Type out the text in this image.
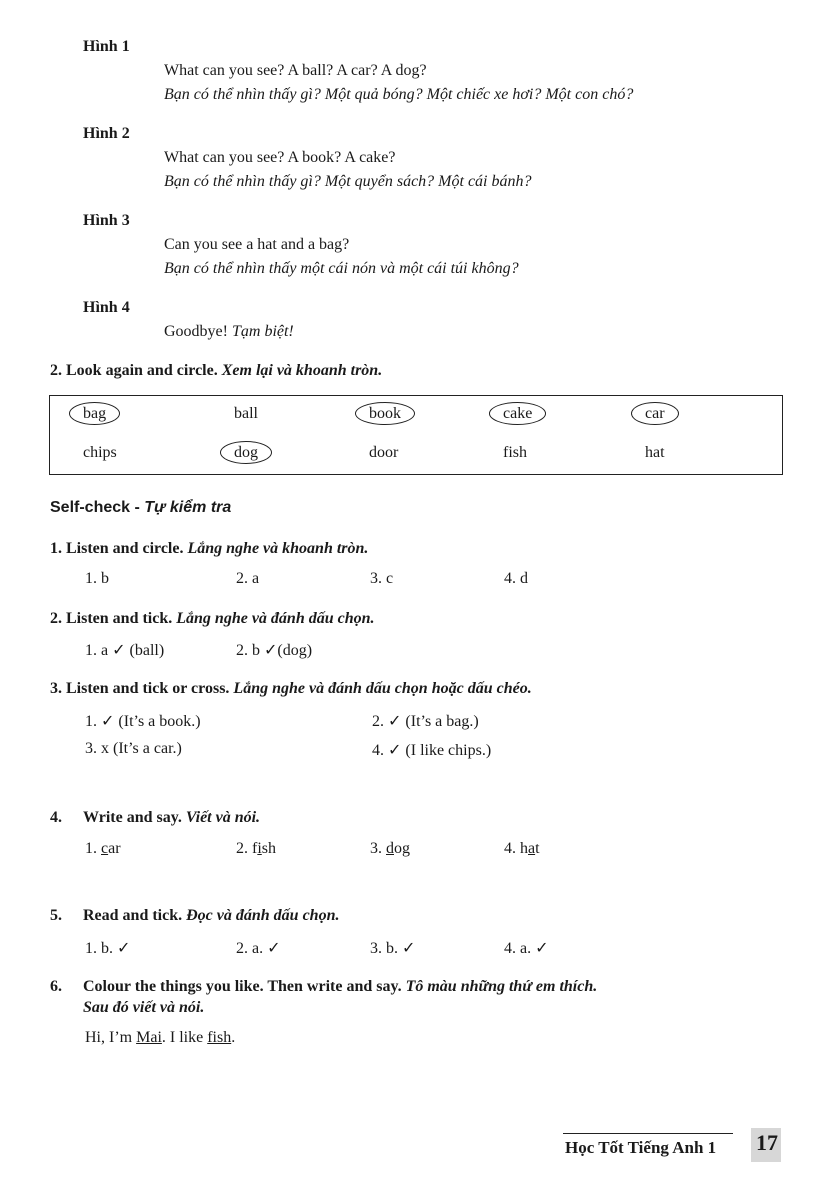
Hình 1
What can you see? A ball? A car? A dog?
Bạn có thể nhìn thấy gì? Một quả bóng? Một chiếc xe hơi? Một con chó?
Hình 2
What can you see? A book? A cake?
Bạn có thể nhìn thấy gì? Một quyển sách? Một cái bánh?
Hình 3
Can you see a hat and a bag?
Bạn có thể nhìn thấy một cái nón và một cái túi không?
Hình 4
Goodbye! Tạm biệt!
2. Look again and circle. Xem lại và khoanh tròn.
bag	ball	book	cake	car
chips	dog	door	fish	hat
Self-check - Tự kiểm tra
1. Listen and circle. Lắng nghe và khoanh tròn.
1. b	2. a	3. c	4. d
2. Listen and tick. Lắng nghe và đánh dấu chọn.
1. a ✓ (ball)	2. b ✓(dog)
3. Listen and tick or cross. Lắng nghe và đánh dấu chọn hoặc dấu chéo.
1. ✓ (It’s a book.)	2. ✓ (It’s a bag.)
3. x (It’s a car.)	4. ✓ (I like chips.)
4. Write and say. Viết và nói.
1. car	2. fish	3. dog	4. hat
5. Read and tick. Đọc và đánh dấu chọn.
1. b. ✓	2. a. ✓	3. b. ✓	4. a. ✓
6. Colour the things you like. Then write and say. Tô màu những thứ em thích.
Sau đó viết và nói.
Hi, I’m Mai. I like fish.
Học Tốt Tiếng Anh 1 17
